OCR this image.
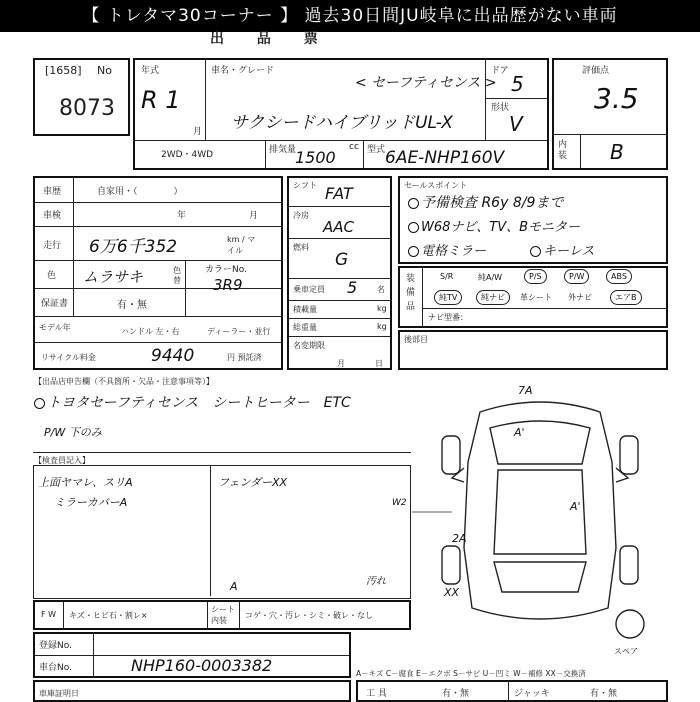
【 トレタマ30コーナー 】 過去30日間JU岐阜に出品歴がない車両
出 品 票
[1658] No
8073
年式
R 1
月
車名・グレード
< セーフティセンス >
サクシードハイブリッドUL-X
ドア
5
形状
V
2WD・4WD	排気量
1500
cc 型式 6AE-NHP160V
評価点
3.5
内装 B
車歴	自家用・（　　　　）
車検	年	月
走行 6万6千352	km / マイル
色 ムラサキ	色替
カラーNo.
3R9
保証書	有・無
モデル年	ハンドル 左・右	ディーラー・並行
リサイクル料金	9440	円 預託済
シフト FAT
冷房
AAC
燃料
G
乗車定員 5 名
積載量	kg
総重量	kg
名変期限
月	日
セールスポイント
予備検査 R6y 8/9まで
W68ナビ、TV、Bモニター
電格ミラー	キーレス
装備品
S/R	純A/W	P/S	P/W	ABS
純TV	純ナビ	革シート 外ナビ	エアB
ナビ型番：
後部目
【出品店申告欄（不具箇所・欠品・注意事項等）】
トヨタセーフティセンス　シートヒーター　ETC
P/W 下のみ
【検査員記入】
上面ヤマレ、スリA
ミラーカバーA
フェンダーXX
F W キズ・ヒビ石・割レ×
シート内装
コゲ・穴・汚レ・シミ・破レ・なし
A	汚れ
7A
A'
W2	A'
2A
XX
スペア
登録No.
車台No.	NHP160-0003382
車庫証明日
A－キズ C－腐食 E－エクボ S－サビ U－凹ミ W－補修 XX－交換済
工 具	有・無	ジャッキ	有・無
